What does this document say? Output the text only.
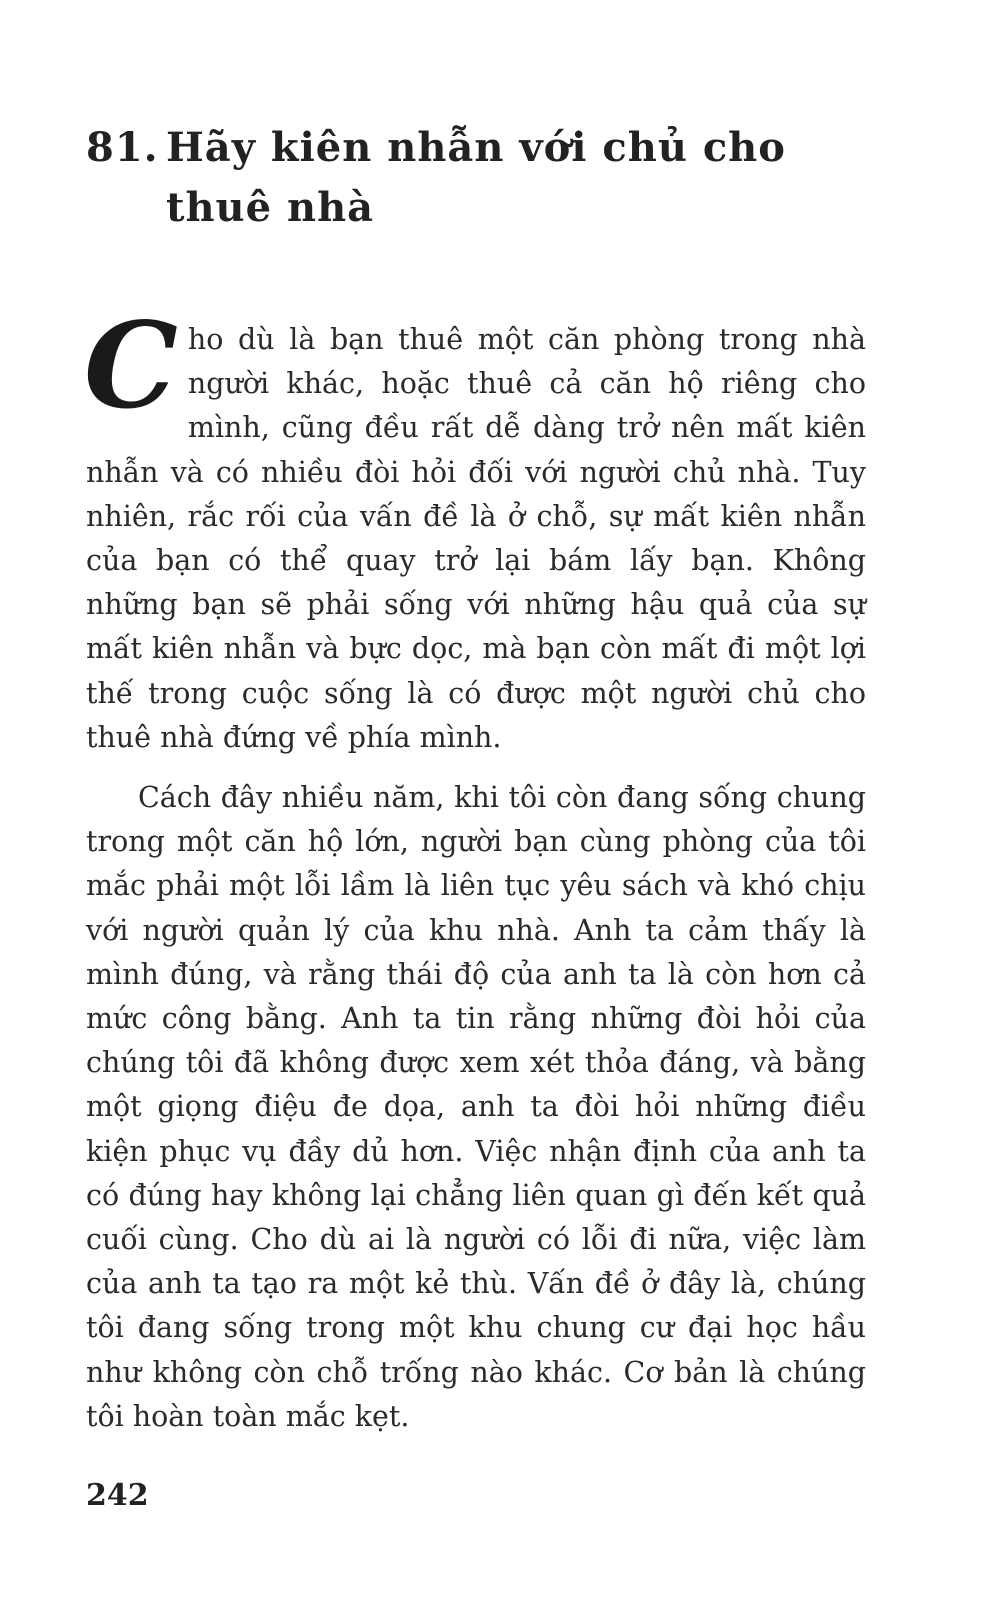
81. Hãy kiên nhẫn với chủ cho
thuê nhà

Cho dù là bạn thuê một căn phòng trong nhà người khác, hoặc thuê cả căn hộ riêng cho mình, cũng đều rất dễ dàng trở nên mất kiên nhẫn và có nhiều đòi hỏi đối với người chủ nhà. Tuy nhiên, rắc rối của vấn đề là ở chỗ, sự mất kiên nhẫn của bạn có thể quay trở lại bám lấy bạn. Không những bạn sẽ phải sống với những hậu quả của sự mất kiên nhẫn và bực dọc, mà bạn còn mất đi một lợi thế trong cuộc sống là có được một người chủ cho thuê nhà đứng về phía mình.

Cách đây nhiều năm, khi tôi còn đang sống chung trong một căn hộ lớn, người bạn cùng phòng của tôi mắc phải một lỗi lầm là liên tục yêu sách và khó chịu với người quản lý của khu nhà. Anh ta cảm thấy là mình đúng, và rằng thái độ của anh ta là còn hơn cả mức công bằng. Anh ta tin rằng những đòi hỏi của chúng tôi đã không được xem xét thỏa đáng, và bằng một giọng điệu đe dọa, anh ta đòi hỏi những điều kiện phục vụ đầy dủ hơn. Việc nhận định của anh ta có đúng hay không lại chẳng liên quan gì đến kết quả cuối cùng. Cho dù ai là người có lỗi đi nữa, việc làm của anh ta tạo ra một kẻ thù. Vấn đề ở đây là, chúng tôi đang sống trong một khu chung cư đại học hầu như không còn chỗ trống nào khác. Cơ bản là chúng tôi hoàn toàn mắc kẹt.

242
